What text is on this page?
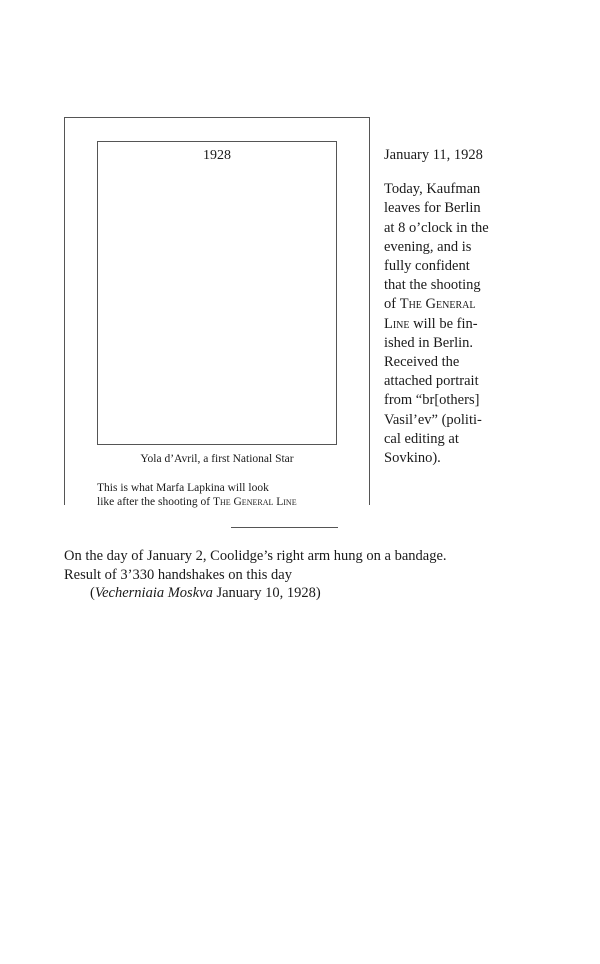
1928
Yola d’Avril, a first National Star
This is what Marfa Lapkina will look
like after the shooting of The General Line
January 11, 1928
Today, Kaufman
leaves for Berlin
at 8 o’clock in the
evening, and is
fully confident
that the shooting
of The General
Line will be fin-
ished in Berlin.
Received the
attached portrait
from “br[others]
Vasil’ev” (politi-
cal editing at
Sovkino).
On the day of January 2, Coolidge’s right arm hung on a bandage.
Result of 3’330 handshakes on this day
(Vecherniaia Moskva January 10, 1928)
